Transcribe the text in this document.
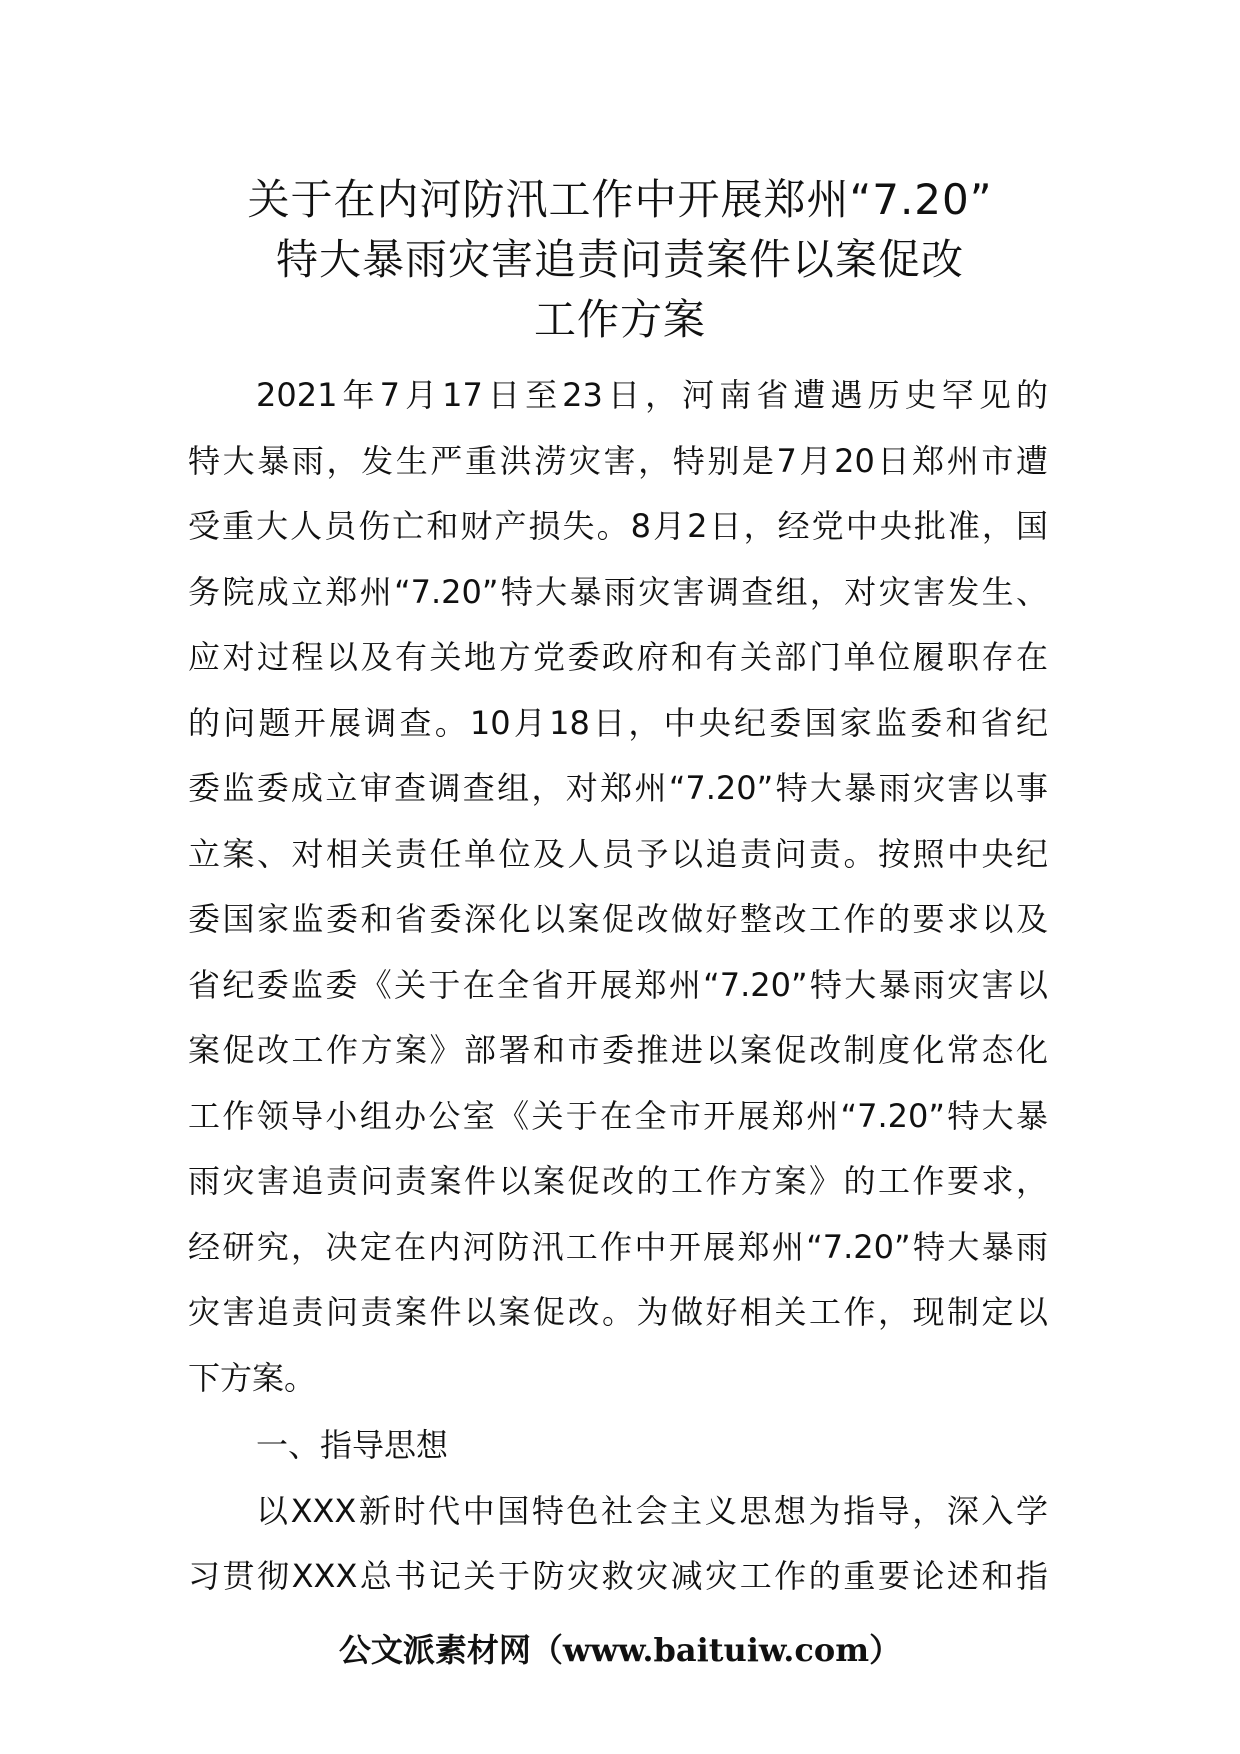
关于在内河防汛工作中开展郑州“7.20”
特大暴雨灾害追责问责案件以案促改
工作方案
2021年7月17日至23日，河南省遭遇历史罕见的
特大暴雨，发生严重洪涝灾害，特别是7月20日郑州市遭
受重大人员伤亡和财产损失。8月2日，经党中央批准，国
务院成立郑州“7.20”特大暴雨灾害调查组，对灾害发生、
应对过程以及有关地方党委政府和有关部门单位履职存在
的问题开展调查。10月18日，中央纪委国家监委和省纪
委监委成立审查调查组，对郑州“7.20”特大暴雨灾害以事
立案、对相关责任单位及人员予以追责问责。按照中央纪
委国家监委和省委深化以案促改做好整改工作的要求以及
省纪委监委《关于在全省开展郑州“7.20”特大暴雨灾害以
案促改工作方案》部署和市委推进以案促改制度化常态化
工作领导小组办公室《关于在全市开展郑州“7.20”特大暴
雨灾害追责问责案件以案促改的工作方案》的工作要求，
经研究，决定在内河防汛工作中开展郑州“7.20”特大暴雨
灾害追责问责案件以案促改。为做好相关工作，现制定以
下方案。
一、指导思想
以XXX新时代中国特色社会主义思想为指导，深入学
习贯彻XXX总书记关于防灾救灾减灾工作的重要论述和指
公文派素材网（www.baituiw.com）
